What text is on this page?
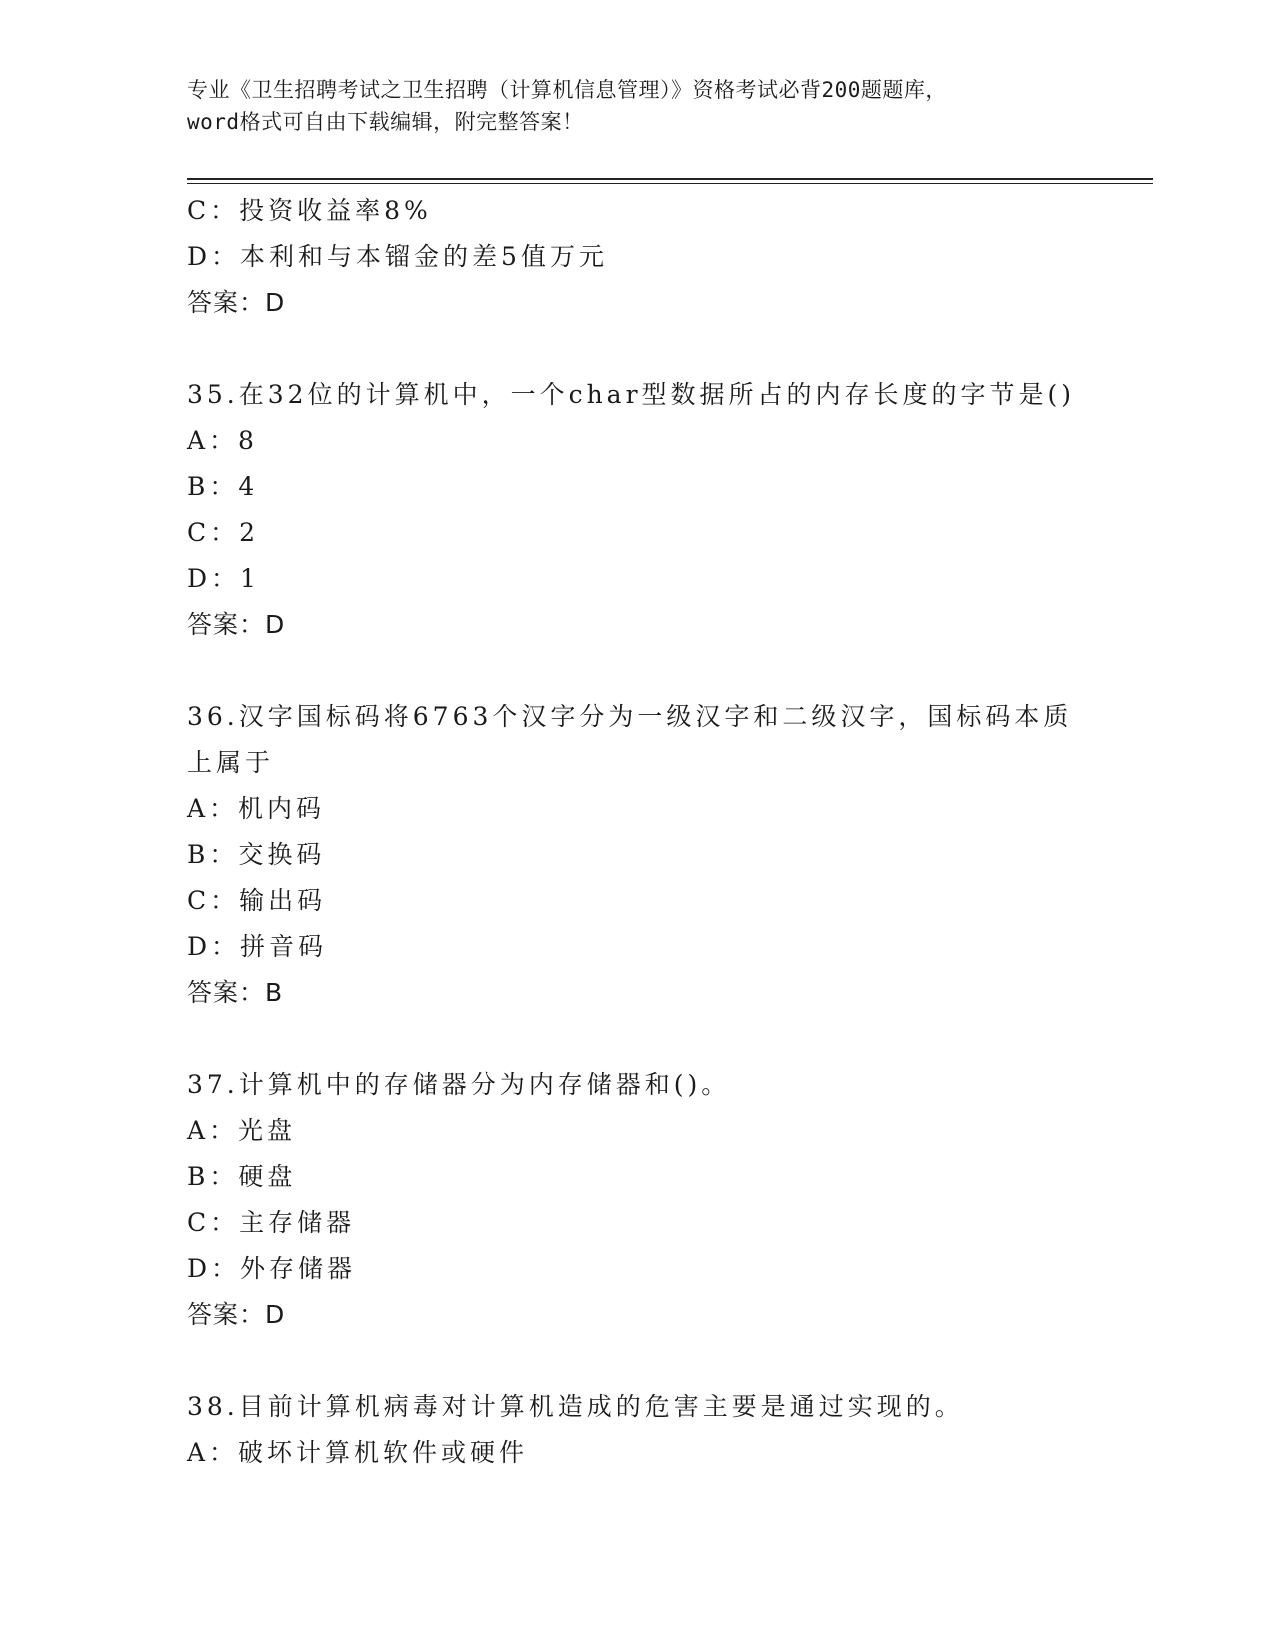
专业《卫生招聘考试之卫生招聘（计算机信息管理）》资格考试必背200题题库，
word格式可自由下载编辑，附完整答案！
C：投资收益率8%
D：本利和与本镏金的差5值万元
答案：D
35.在32位的计算机中，一个char型数据所占的内存长度的字节是()
A：8
B：4
C：2
D：1
答案：D
36.汉字国标码将6763个汉字分为一级汉字和二级汉字，国标码本质
上属于
A：机内码
B：交换码
C：输出码
D：拼音码
答案：B
37.计算机中的存储器分为内存储器和()。
A：光盘
B：硬盘
C：主存储器
D：外存储器
答案：D
38.目前计算机病毒对计算机造成的危害主要是通过实现的。
A：破坏计算机软件或硬件
